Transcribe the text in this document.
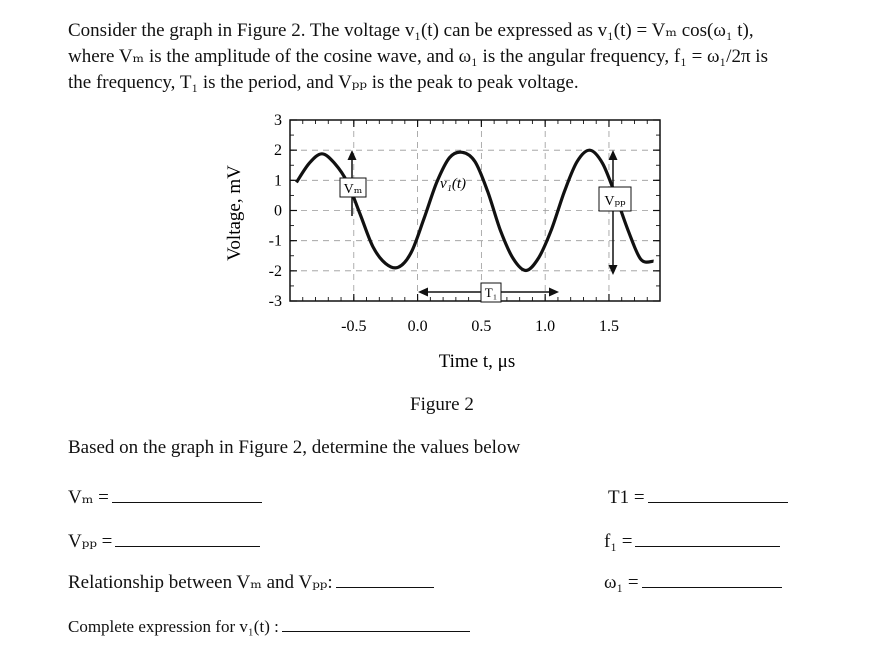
Consider the graph in Figure 2. The voltage v₁(t) can be expressed as v₁(t) = Vₘ cos(ω₁ t),
where Vₘ is the amplitude of the cosine wave, and ω₁ is the angular frequency, f₁ = ω₁/2π is
the frequency, T₁ is the period, and Vₚₚ is the peak to peak voltage.
-0.5	0.0	0.5	1.0	1.5
3
2
1
0
-1
-2
-3
Vₘ	v₁(t)
T₁
Vₚₚ
Time t, μs
Voltage, mV
Figure 2
Based on the graph in Figure 2, determine the values below
Vₘ =	T1 =
Vₚₚ =	f₁ =
Relationship between Vₘ and Vₚₚ:	ω₁ =
Complete expression for v₁(t) :
